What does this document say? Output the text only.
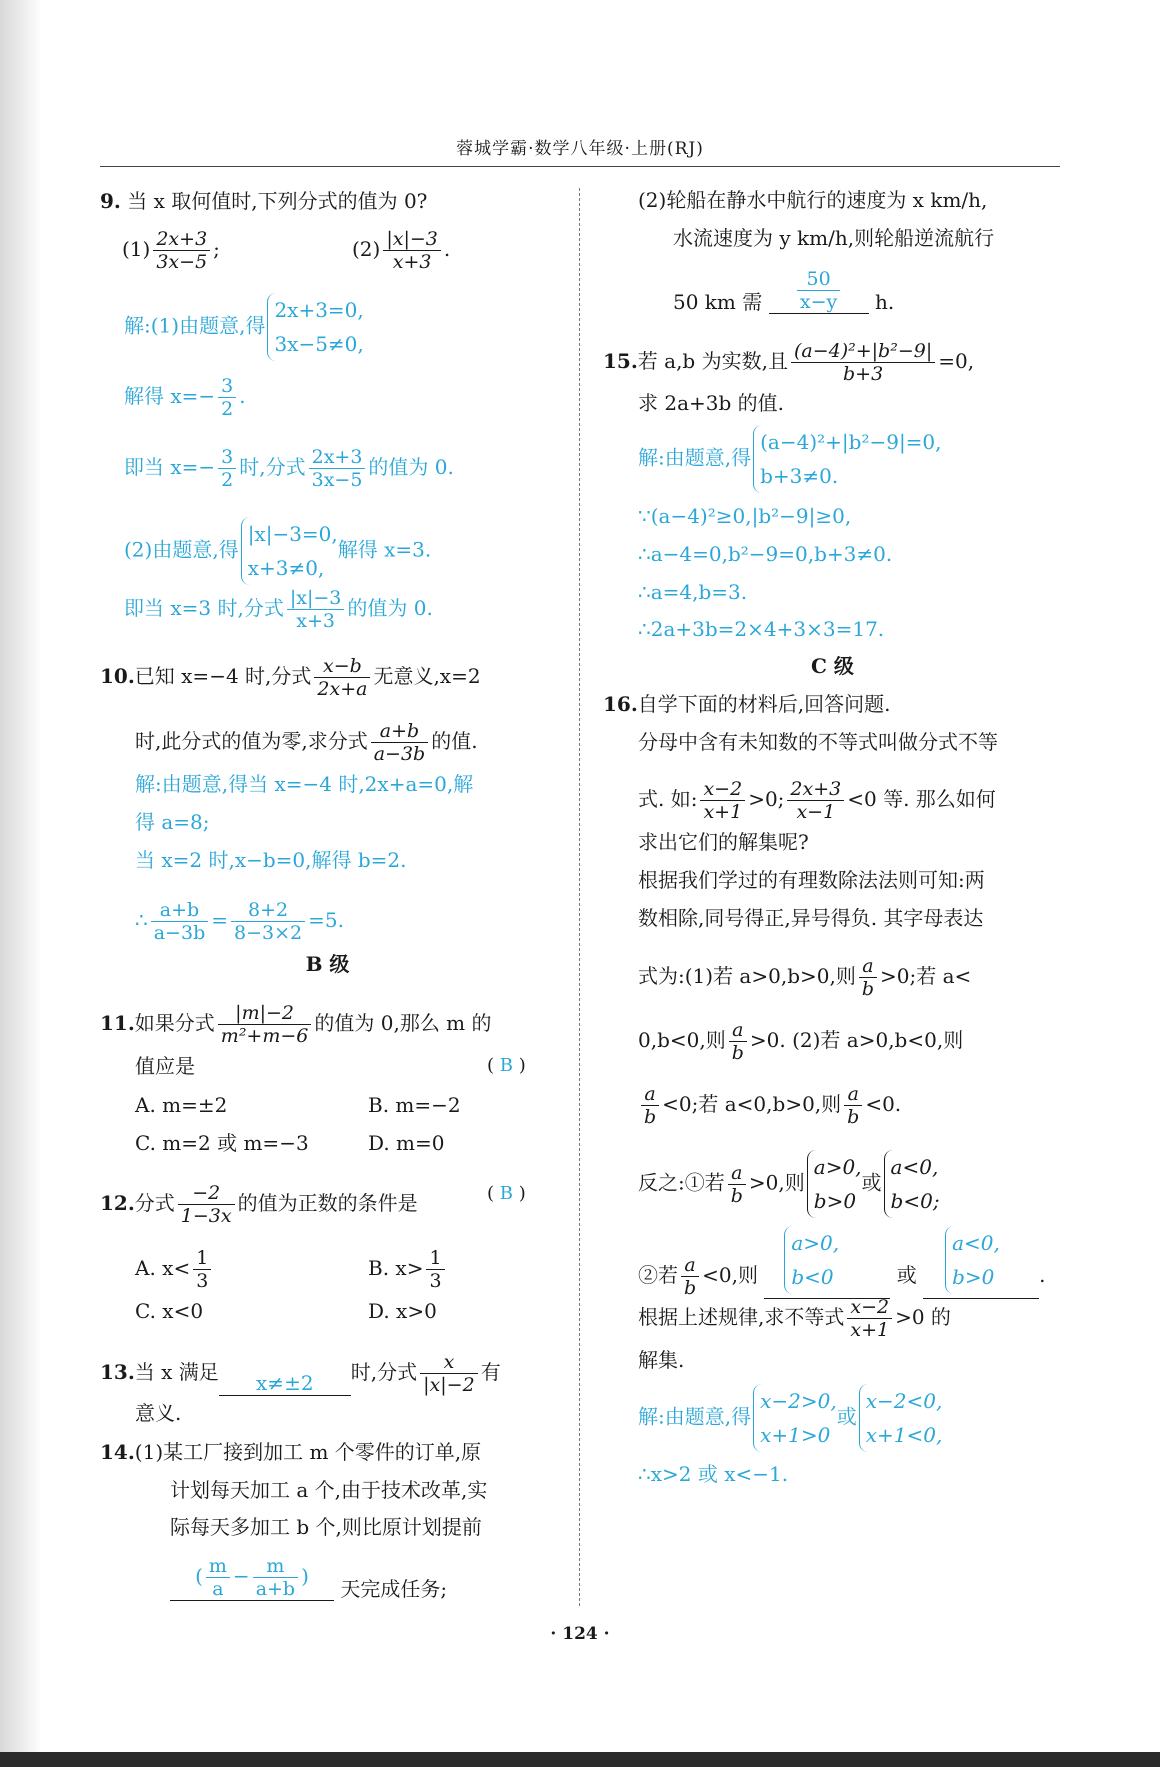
蓉城学霸·数学八年级·上册(RJ)
9. 当 x 取何值时,下列分式的值为 0?
$(1) \frac{2x+3}{3x-5}$ ;	$(2) \frac{|x|-3}{x+3}$ .
解:(1)由题意,得
2x+3=0,
3x−5≠0,
解得 $x=- \frac{3}{2}$ .
即当 $x=- \frac{3}{2}$ 时,分式 $\frac{2x+3}{3x-5}$ 的值为 0.
(2)由题意,得
|x|−3=0,
x+3≠0,
解得 x=3.
即当 x=3 时,分式 $\frac{|x|-3}{x+3}$ 的值为 0.
10.已知 x=−4 时,分式 $\frac{x-b}{2x+a}$ 无意义,x=2
时,此分式的值为零,求分式 $\frac{a+b}{a-3b}$ 的值.
解:由题意,得当 x=−4 时,2x+a=0,解
得 a=8;
当 x=2 时,x−b=0,解得 b=2.
∴ $\frac{a+b}{a-3b} = \frac{8+2}{8-3\times 2} =5$.
B 级
11.如果分式 $\frac{|m|-2}{\text{m²+m−6}}$ 的值为 0,那么 m 的
值应是	( B )
A. m=±2	B. m=−2
C. m=2 或 m=−3	D. m=0
12.分式 $\frac{-2}{1-3x}$ 的值为正数的条件是	( B )
A. $x< \frac{1}{3}$	B. $x> \frac{1}{3}$
C. x<0	D. x>0
13.当 x 满足 x≠±2 时,分式 $\frac{x}{|x|-2}$ 有
意义.
14.(1)某工厂接到加工 m 个零件的订单,原
计划每天加工 a 个,由于技术改革,实
际每天多加工 b 个,则比原计划提前
( $\frac{m}{a} - \frac{m}{a+b}$ ) 天完成任务;
(2)轮船在静水中航行的速度为 x km/h,
水流速度为 y km/h,则轮船逆流航行
50 km 需 $\frac{50}{x-y} h$.
15.若 a,b 为实数,且 $\frac{\text{(a−4)²+|b²−9|}}{b+3} =0$,
求 2a+3b 的值.
解:由题意,得
(a−4)²+|b²−9|=0,
b+3≠0.
∵(a−4)²≥0,|b²−9|≥0,
∴a−4=0,b²−9=0,b+3≠0.
∴a=4,b=3.
∴2a+3b=2×4+3×3=17.
C 级
16.自学下面的材料后,回答问题.
分母中含有未知数的不等式叫做分式不等
式. 如: $\frac{x-2}{x+1} >0$; $\frac{2x+3}{x-1} <0$ 等. 那么如何
求出它们的解集呢?
根据我们学过的有理数除法法则可知:两
数相除,同号得正,异号得负. 其字母表达
式为:(1)若 a>0,b>0,则 $\frac{a}{b} >0$;若 a<
0,b<0,则 $\frac{a}{b} >0$. (2)若 a>0,b<0,则
$\frac{a}{b} <0$;若 a<0,b>0,则 $\frac{a}{b} <0$.
反之:①若 $\frac{a}{b} >0$,则
a>0,
b>0
或
a<0,
b<0;
②若 $\frac{a}{b} <0$,则
a>0,
b<0	或
a<0,
b>0 .
根据上述规律,求不等式 $\frac{x-2}{x+1} >0$ 的
解集.
解:由题意,得
x−2>0,
x+1>0
或
x−2<0,
x+1<0,
∴x>2 或 x<−1.
· 124 ·
